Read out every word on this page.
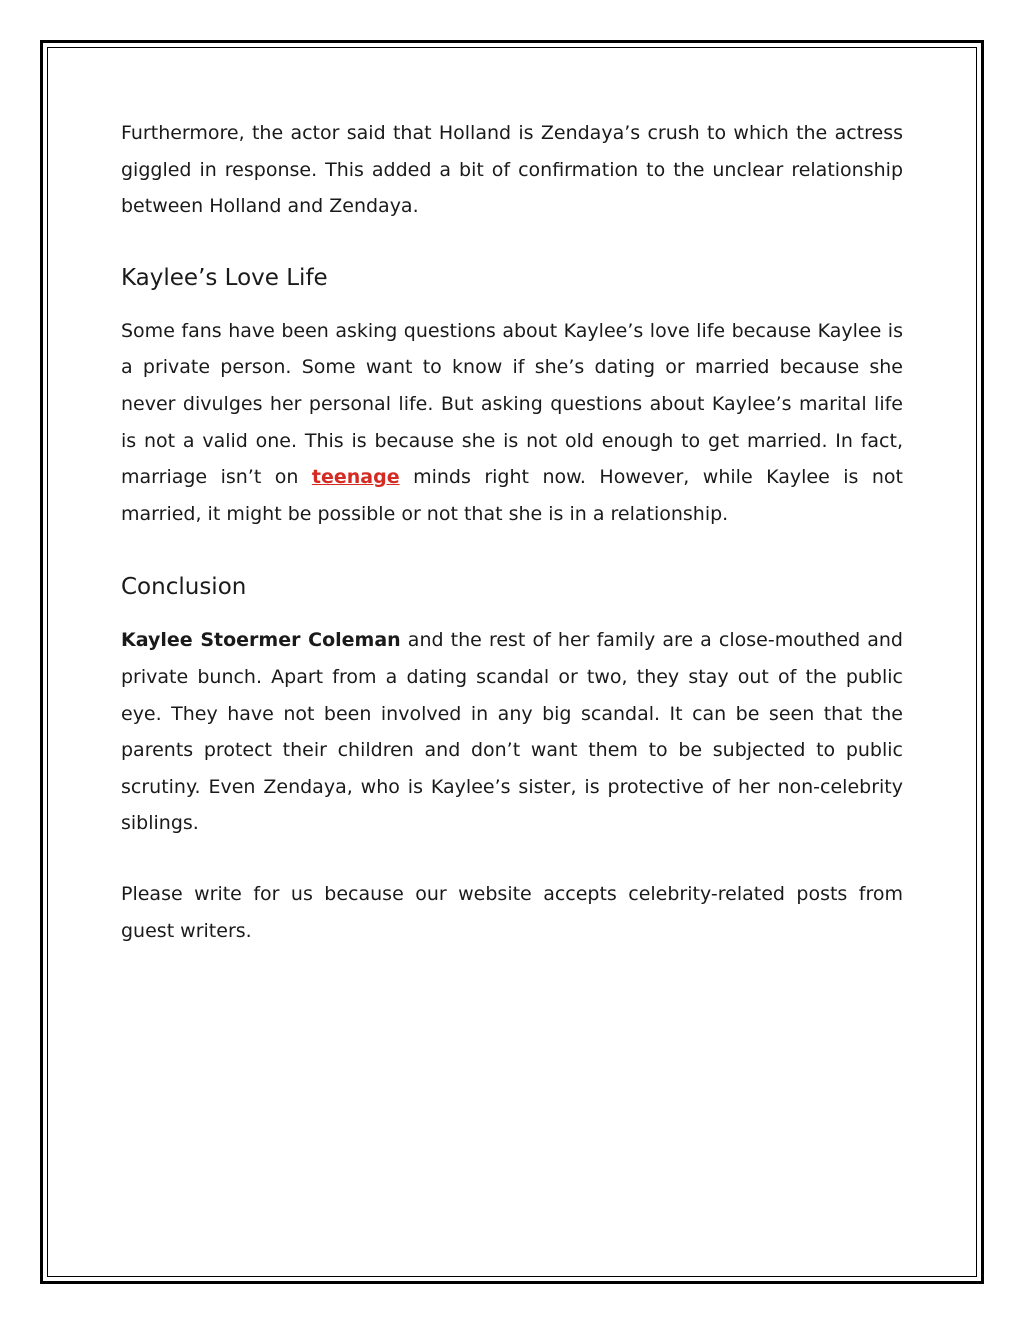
Furthermore, the actor said that Holland is Zendaya’s crush to which the actress giggled in response. This added a bit of confirmation to the unclear relationship between Holland and Zendaya.

Kaylee’s Love Life

Some fans have been asking questions about Kaylee’s love life because Kaylee is a private person. Some want to know if she’s dating or married because she never divulges her personal life. But asking questions about Kaylee’s marital life is not a valid one. This is because she is not old enough to get married. In fact, marriage isn’t on teenage minds right now. However, while Kaylee is not married, it might be possible or not that she is in a relationship.

Conclusion

Kaylee Stoermer Coleman and the rest of her family are a close-mouthed and private bunch. Apart from a dating scandal or two, they stay out of the public eye. They have not been involved in any big scandal. It can be seen that the parents protect their children and don’t want them to be subjected to public scrutiny. Even Zendaya, who is Kaylee’s sister, is protective of her non-celebrity siblings.

Please write for us because our website accepts celebrity-related posts from guest writers.
